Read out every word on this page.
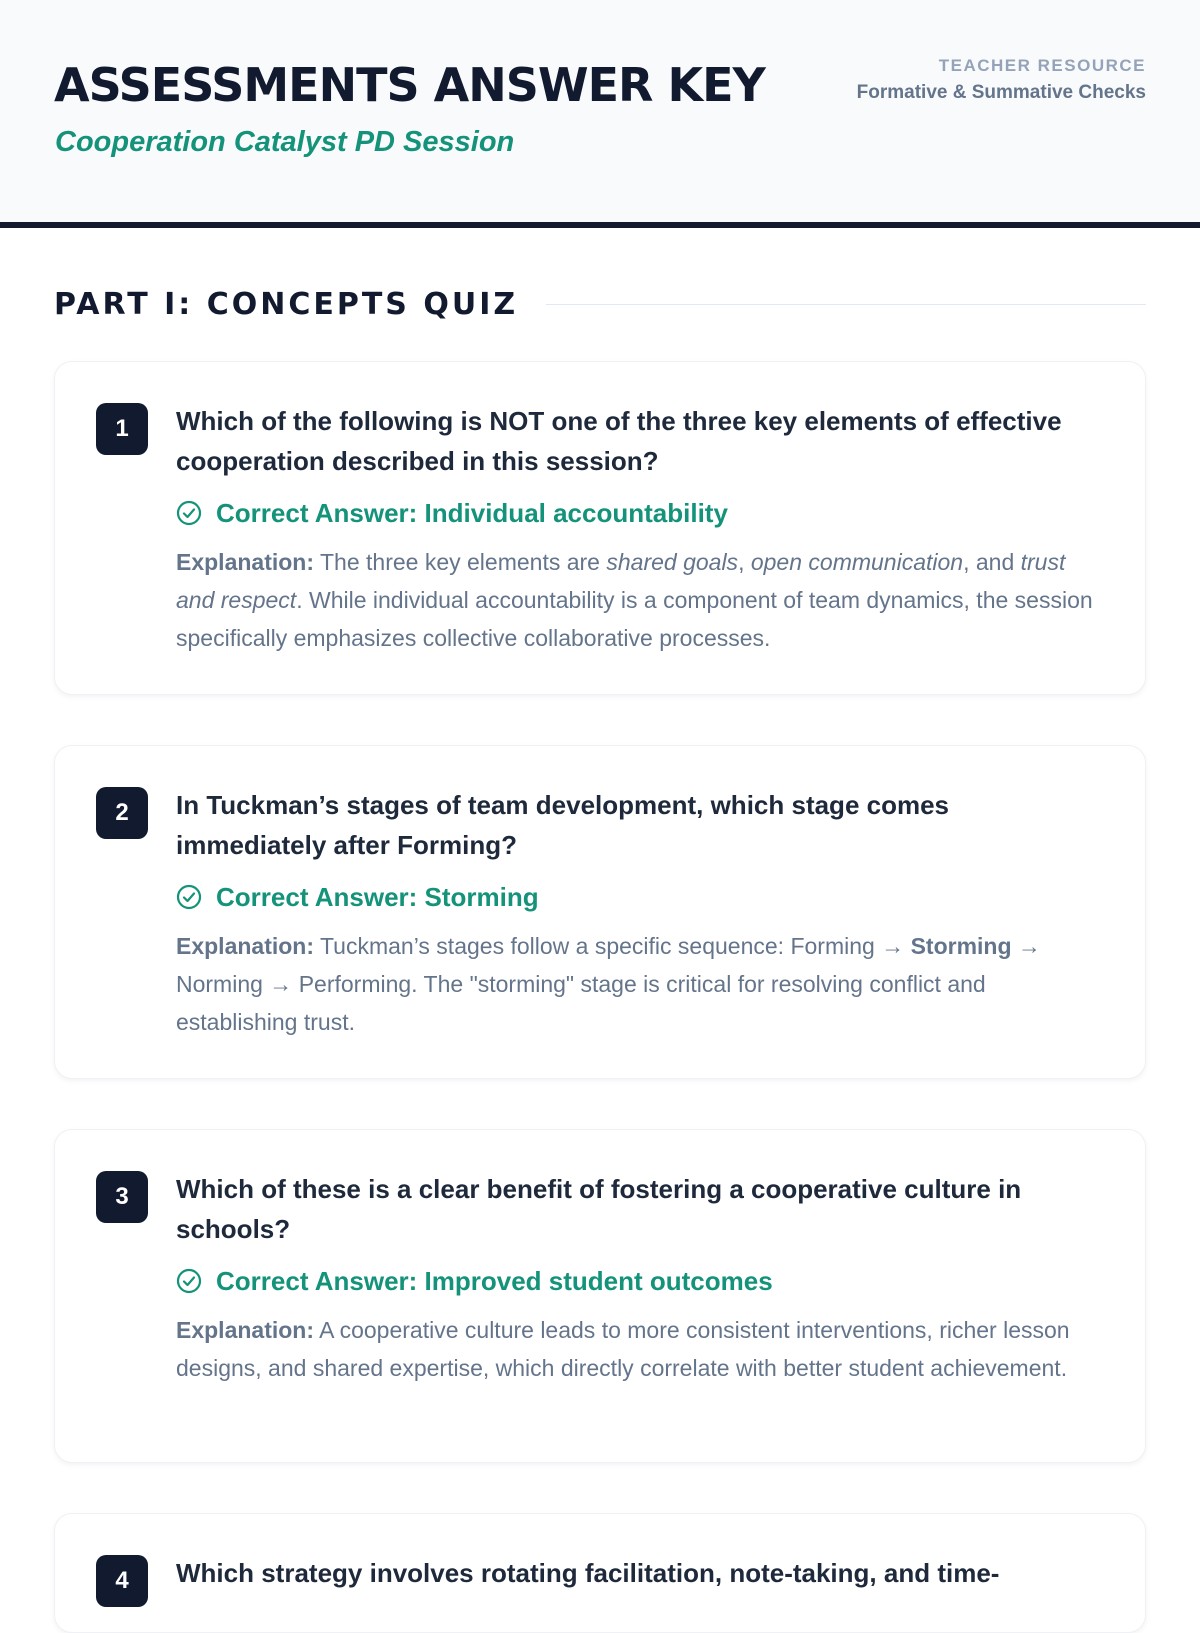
ASSESSMENTS ANSWER KEY
Cooperation Catalyst PD Session
TEACHER RESOURCE
Formative & Summative Checks
PART I: CONCEPTS QUIZ
1	Which of the following is NOT one of the three key elements of effective cooperation described in this session?
Correct Answer: Individual accountability
Explanation: The three key elements are shared goals, open communication, and trust and respect. While individual accountability is a component of team dynamics, the session specifically emphasizes collective collaborative processes.
2	In Tuckman’s stages of team development, which stage comes immediately after Forming?
Correct Answer: Storming
Explanation: Tuckman’s stages follow a specific sequence: Forming → Storming → Norming → Performing. The "storming" stage is critical for resolving conflict and establishing trust.
3	Which of these is a clear benefit of fostering a cooperative culture in schools?
Correct Answer: Improved student outcomes
Explanation: A cooperative culture leads to more consistent interventions, richer lesson designs, and shared expertise, which directly correlate with better student achievement.
4	Which strategy involves rotating facilitation, note-taking, and time-
